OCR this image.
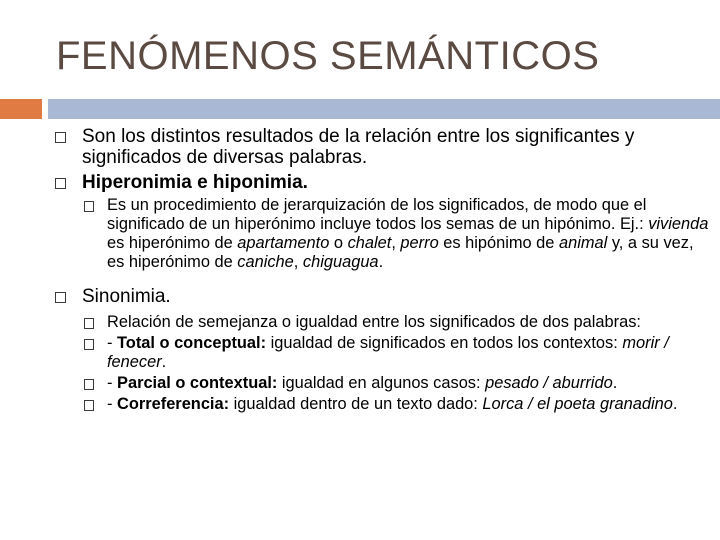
FENÓMENOS SEMÁNTICOS
Son los distintos resultados de la relación entre los significantes y significados de diversas palabras.
Hiperonimia e hiponimia.
Es un procedimiento de jerarquización de los significados, de modo que el significado de un hiperónimo incluye todos los semas de un hipónimo. Ej.: vivienda es hiperónimo de apartamento o chalet, perro es hipónimo de animal y, a su vez, es hiperónimo de caniche, chiguagua.
Sinonimia.
Relación de semejanza o igualdad entre los significados de dos palabras:
- Total o conceptual: igualdad de significados en todos los contextos: morir / fenecer.
- Parcial o contextual: igualdad en algunos casos: pesado / aburrido.
- Correferencia: igualdad dentro de un texto dado: Lorca / el poeta granadino.
